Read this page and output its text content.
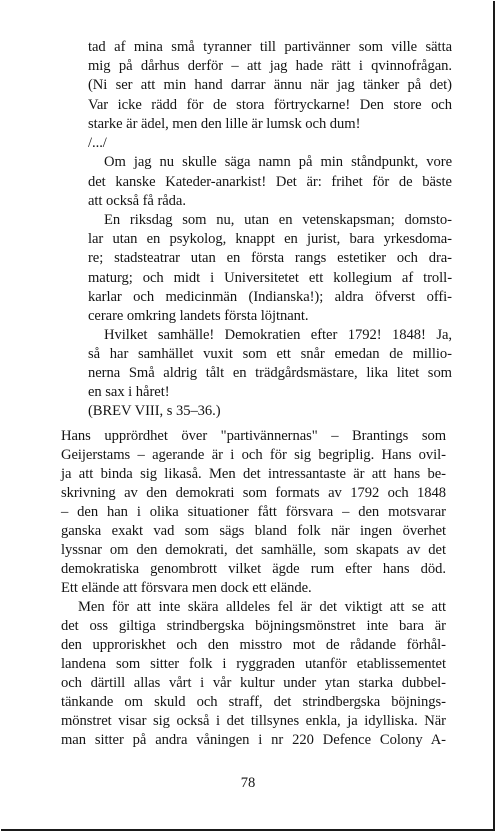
tad af mina små tyranner till partivänner som ville sätta

mig på dårhus derför – att jag hade rätt i qvinnofrågan.

(Ni ser att min hand darrar ännu när jag tänker på det)

Var icke rädd för de stora förtryckarne! Den store och

starke är ädel, men den lille är lumsk och dum!

/.../

Om jag nu skulle säga namn på min ståndpunkt, vore

det kanske Kateder-anarkist! Det är: frihet för de bäste

att också få råda.

En riksdag som nu, utan en vetenskapsman; domsto-

lar utan en psykolog, knappt en jurist, bara yrkesdoma-

re; stadsteatrar utan en första rangs estetiker och dra-

maturg; och midt i Universitetet ett kollegium af troll-

karlar och medicinmän (Indianska!); aldra öfverst offi-

cerare omkring landets första löjtnant.

Hvilket samhälle! Demokratien efter 1792! 1848! Ja,

så har samhället vuxit som ett snår emedan de millio-

nerna Små aldrig tålt en trädgårdsmästare, lika litet som

en sax i håret!

(BREV VIII, s 35–36.)

Hans upprördhet över "partivännernas" – Brantings som

Geijerstams – agerande är i och för sig begriplig. Hans ovil-

ja att binda sig likaså. Men det intressantaste är att hans be-

skrivning av den demokrati som formats av 1792 och 1848

– den han i olika situationer fått försvara – den motsvarar

ganska exakt vad som sägs bland folk när ingen överhet

lyssnar om den demokrati, det samhälle, som skapats av det

demokratiska genombrott vilket ägde rum efter hans död.

Ett elände att försvara men dock ett elände.

Men för att inte skära alldeles fel är det viktigt att se att

det oss giltiga strindbergska böjningsmönstret inte bara är

den upproriskhet och den misstro mot de rådande förhål-

landena som sitter folk i ryggraden utanför etablissementet

och därtill allas vårt i vår kultur under ytan starka dubbel-

tänkande om skuld och straff, det strindbergska böjnings-

mönstret visar sig också i det tillsynes enkla, ja idylliska. När

man sitter på andra våningen i nr 220 Defence Colony A-

78
